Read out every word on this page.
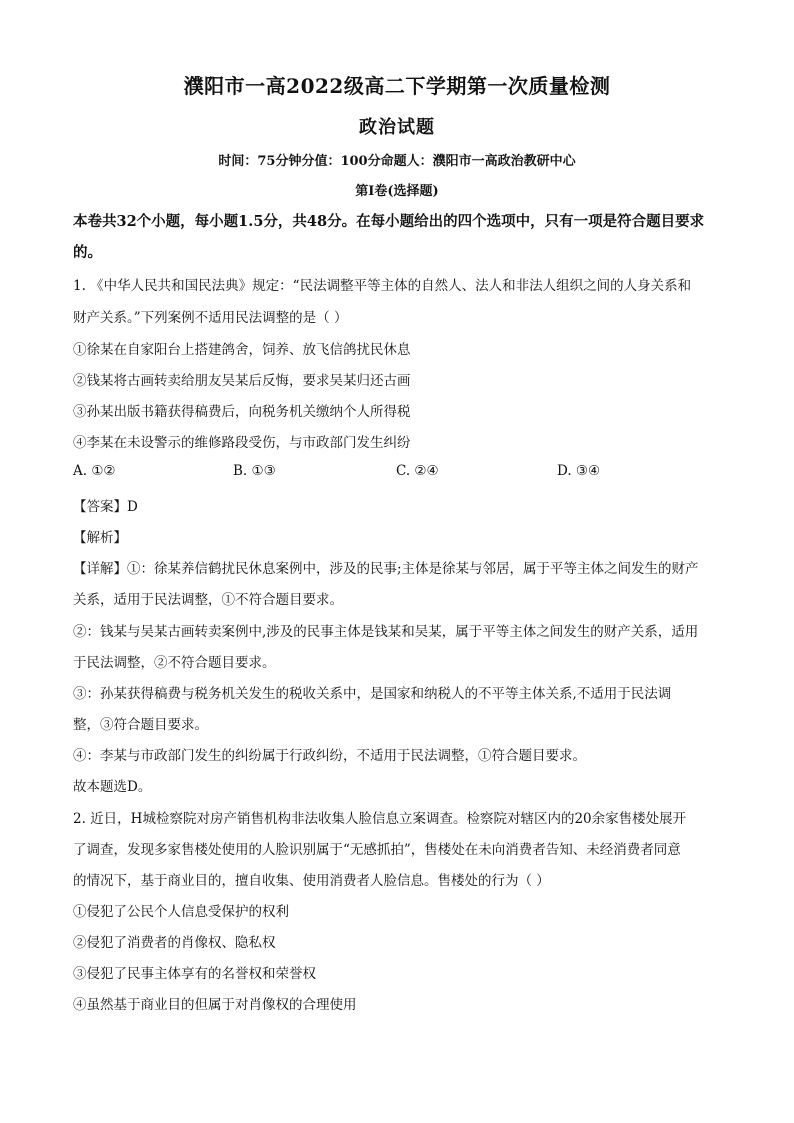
濮阳市一高2022级高二下学期第一次质量检测
政治试题
时间：75分钟分值：100分命题人：濮阳市一高政治教研中心
第Ⅰ卷(选择题)
本卷共32个小题，每小题1.5分，共48分。在每小题给出的四个选项中，只有一项是符合题目要求的。
1. 《中华人民共和国民法典》规定：“民法调整平等主体的自然人、法人和非法人组织之间的人身关系和
财产关系。”下列案例不适用民法调整的是（ ）
①徐某在自家阳台上搭建鸽舍，饲养、放飞信鸽扰民休息
②钱某将古画转卖给朋友吴某后反悔，要求吴某归还古画
③孙某出版书籍获得稿费后，向税务机关缴纳个人所得税
④李某在未设警示的维修路段受伤，与市政部门发生纠纷
A. ①②	B. ①③	C. ②④	D. ③④
【答案】D
【解析】
【详解】①：徐某养信鹤扰民休息案例中，涉及的民事;主体是徐某与邻居，属于平等主体之间发生的财产
关系，适用于民法调整，①不符合题目要求。
②：钱某与吴某古画转卖案例中,涉及的民事主体是钱某和吴某，属于平等主体之间发生的财产关系，适用
于民法调整，②不符合题目要求。
③：孙某获得稿费与税务机关发生的税收关系中，是国家和纳税人的不平等主体关系,不适用于民法调
整，③符合题目要求。
④：李某与市政部门发生的纠纷属于行政纠纷，不适用于民法调整，①符合题目要求。
故本题选D。
2. 近日，H城检察院对房产销售机构非法收集人脸信息立案调查。检察院对辖区内的20余家售楼处展开
了调查，发现多家售楼处使用的人脸识别属于“无感抓拍”，售楼处在未向消费者告知、未经消费者同意
的情况下，基于商业目的，擅自收集、使用消费者人脸信息。售楼处的行为（ ）
①侵犯了公民个人信息受保护的权利
②侵犯了消费者的肖像权、隐私权
③侵犯了民事主体享有的名誉权和荣誉权
④虽然基于商业目的但属于对肖像权的合理使用
